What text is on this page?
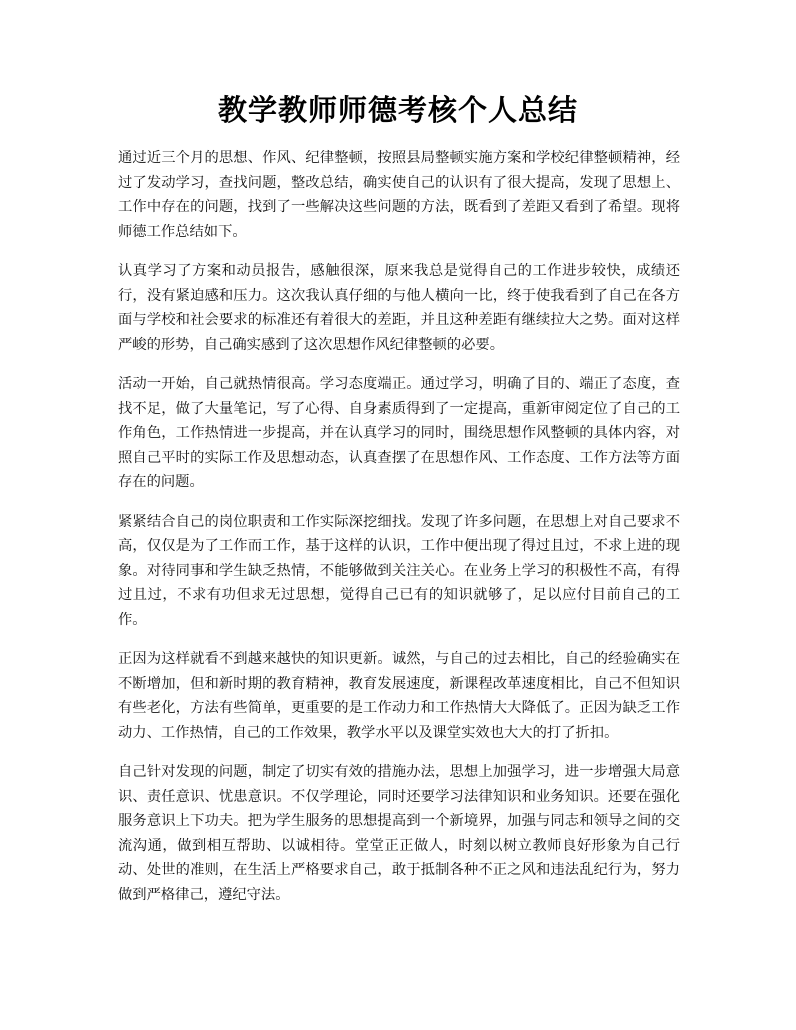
教学教师师德考核个人总结

通过近三个月的思想、作风、纪律整顿，按照县局整顿实施方案和学校纪律整顿精神，经过了发动学习，查找问题，整改总结，确实使自己的认识有了很大提高，发现了思想上、工作中存在的问题，找到了一些解决这些问题的方法，既看到了差距又看到了希望。现将师德工作总结如下。

认真学习了方案和动员报告，感触很深，原来我总是觉得自己的工作进步较快，成绩还行，没有紧迫感和压力。这次我认真仔细的与他人横向一比，终于使我看到了自己在各方面与学校和社会要求的标准还有着很大的差距，并且这种差距有继续拉大之势。面对这样严峻的形势，自己确实感到了这次思想作风纪律整顿的必要。

活动一开始，自己就热情很高。学习态度端正。通过学习，明确了目的、端正了态度，查找不足，做了大量笔记，写了心得、自身素质得到了一定提高，重新审阅定位了自己的工作角色，工作热情进一步提高，并在认真学习的同时，围绕思想作风整顿的具体内容，对照自己平时的实际工作及思想动态，认真查摆了在思想作风、工作态度、工作方法等方面存在的问题。

紧紧结合自己的岗位职责和工作实际深挖细找。发现了许多问题，在思想上对自己要求不高，仅仅是为了工作而工作，基于这样的认识，工作中便出现了得过且过，不求上进的现象。对待同事和学生缺乏热情，不能够做到关注关心。在业务上学习的积极性不高，有得过且过，不求有功但求无过思想，觉得自己已有的知识就够了，足以应付目前自己的工作。

正因为这样就看不到越来越快的知识更新。诚然，与自己的过去相比，自己的经验确实在不断增加，但和新时期的教育精神，教育发展速度，新课程改革速度相比，自己不但知识有些老化，方法有些简单，更重要的是工作动力和工作热情大大降低了。正因为缺乏工作动力、工作热情，自己的工作效果，教学水平以及课堂实效也大大的打了折扣。

自己针对发现的问题，制定了切实有效的措施办法，思想上加强学习，进一步增强大局意识、责任意识、忧患意识。不仅学理论，同时还要学习法律知识和业务知识。还要在强化服务意识上下功夫。把为学生服务的思想提高到一个新境界，加强与同志和领导之间的交流沟通，做到相互帮助、以诚相待。堂堂正正做人，时刻以树立教师良好形象为自己行动、处世的准则，在生活上严格要求自己，敢于抵制各种不正之风和违法乱纪行为，努力做到严格律己，遵纪守法。
